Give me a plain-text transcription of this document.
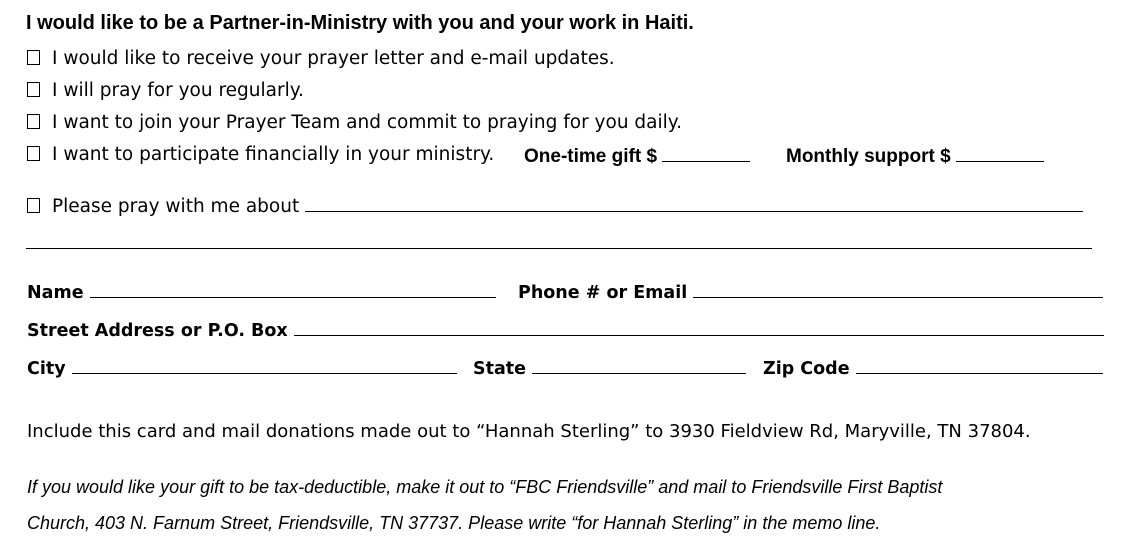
I would like to be a Partner-in-Ministry with you and your work in Haiti.
I would like to receive your prayer letter and e-mail updates.
I will pray for you regularly.
I want to join your Prayer Team and commit to praying for you daily.
I want to participate financially in your ministry. One-time gift $	Monthly support $
Please pray with me about
Name	Phone # or Email
Street Address or P.O. Box
City	State	Zip Code
Include this card and mail donations made out to “Hannah Sterling” to 3930 Fieldview Rd, Maryville, TN 37804.
If you would like your gift to be tax-deductible, make it out to “FBC Friendsville” and mail to Friendsville First Baptist
Church, 403 N. Farnum Street, Friendsville, TN 37737. Please write “for Hannah Sterling” in the memo line.
